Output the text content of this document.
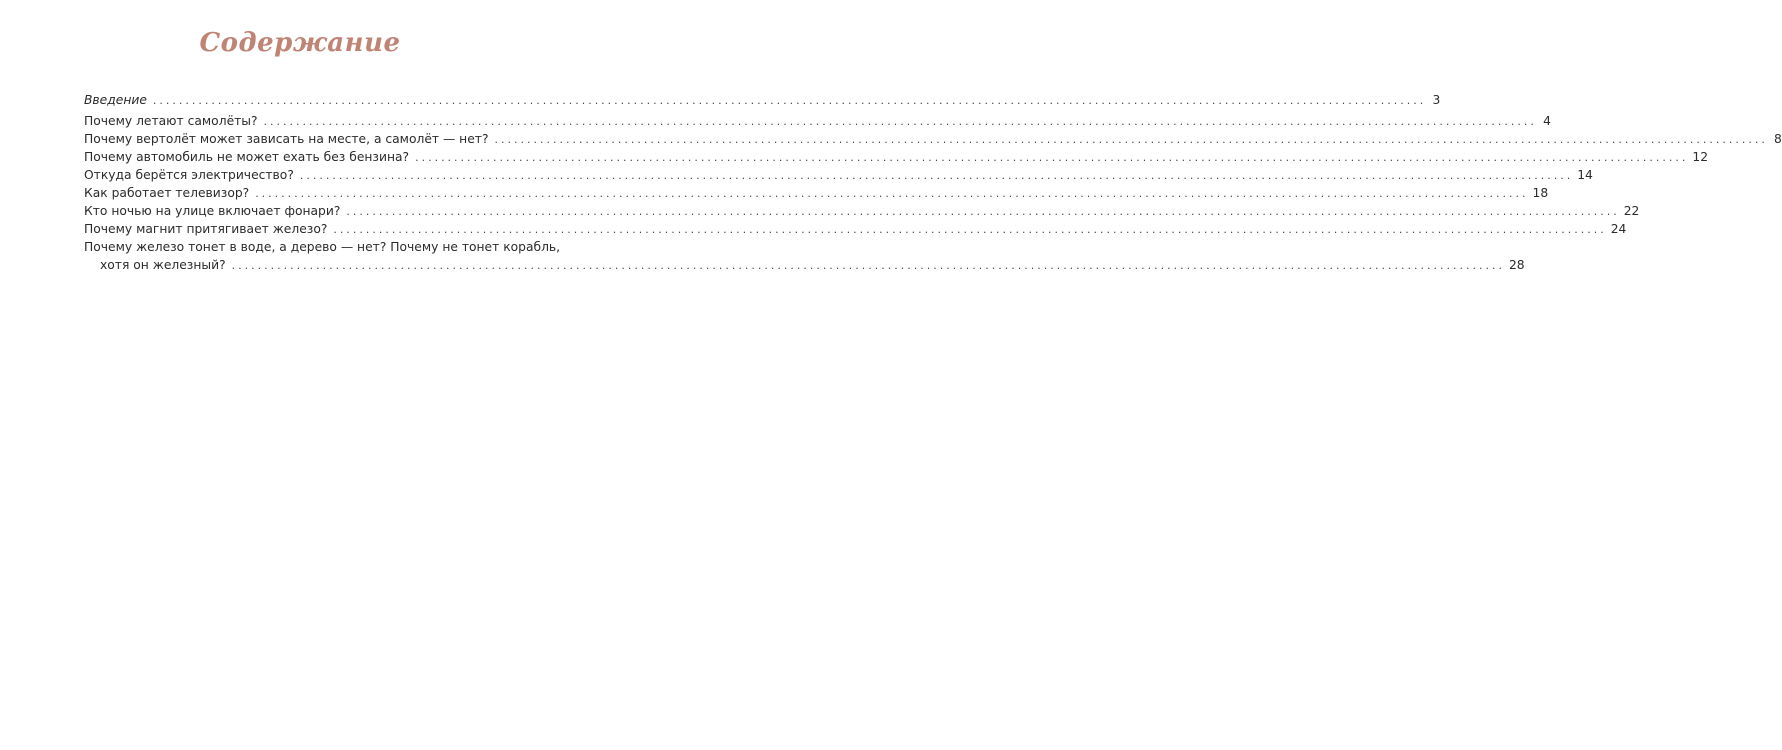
Содержание
Введение .................................................................................................................................................................................................... 3
Почему летают самолёты? .................................................................................................................................................................................................... 4
Почему вертолёт может зависать на месте, а самолёт — нет? .................................................................................................................................................................................................... 8
Почему автомобиль не может ехать без бензина? .................................................................................................................................................................................................... 12
Откуда берётся электричество? .................................................................................................................................................................................................... 14
Как работает телевизор? .................................................................................................................................................................................................... 18
Кто ночью на улице включает фонари? .................................................................................................................................................................................................... 22
Почему магнит притягивает железо? .................................................................................................................................................................................................... 24
Почему железо тонет в воде, а дерево — нет? Почему не тонет корабль,
хотя он железный? .................................................................................................................................................................................................... 28
